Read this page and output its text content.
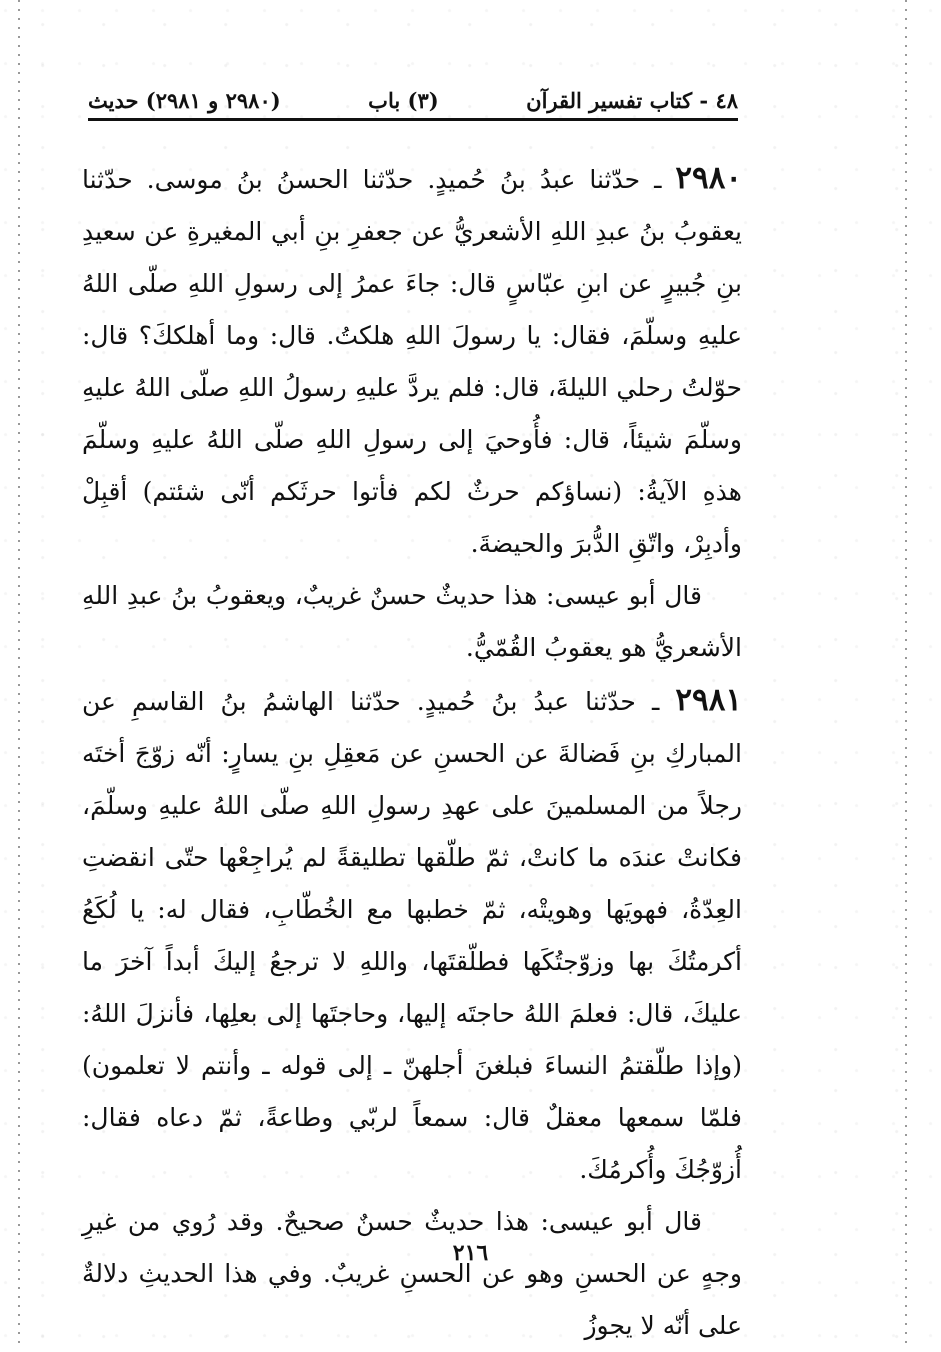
٤٨ - كتاب تفسير القرآن
(٣) باب
(٢٩٨٠ و ٢٩٨١) حديث

٢٩٨٠ ـ حدّثنا عبدُ بنُ حُميدٍ. حدّثنا الحسنُ بنُ موسى. حدّثنا يعقوبُ بنُ عبدِ اللهِ الأشعريُّ عن جعفرِ بنِ أبي المغيرةِ عن سعيدِ بنِ جُبيرٍ عن ابنِ عبّاسٍ قال: جاءَ عمرُ إلى رسولِ اللهِ صلّى اللهُ عليهِ وسلّمَ، فقال: يا رسولَ اللهِ هلكتُ. قال: وما أهلككَ؟ قال: حوّلتُ رحلي الليلةَ، قال: فلم يردَّ عليهِ رسولُ اللهِ صلّى اللهُ عليهِ وسلّمَ شيئاً، قال: فأُوحيَ إلى رسولِ اللهِ صلّى اللهُ عليهِ وسلّمَ هذهِ الآيةُ: (نساؤكم حرثٌ لكم فأتوا حرثَكم أنّى شئتم) أقبِلْ وأدبِرْ، واتّقِ الدُّبرَ والحيضةَ.

قال أبو عيسى: هذا حديثٌ حسنٌ غريبٌ، ويعقوبُ بنُ عبدِ اللهِ الأشعريُّ هو يعقوبُ القُمّيُّ.

٢٩٨١ ـ حدّثنا عبدُ بنُ حُميدٍ. حدّثنا الهاشمُ بنُ القاسمِ عن المباركِ بنِ فَضالةَ عن الحسنِ عن مَعقِلِ بنِ يسارٍ: أنّه زوّجَ أختَه رجلاً من المسلمينَ على عهدِ رسولِ اللهِ صلّى اللهُ عليهِ وسلّمَ، فكانتْ عندَه ما كانتْ، ثمّ طلّقها تطليقةً لم يُراجِعْها حتّى انقضتِ العِدّةُ، فهويَها وهويتْه، ثمّ خطبها مع الخُطّابِ، فقال له: يا لُكَعُ أكرمتُكَ بها وزوّجتُكَها فطلّقتَها، واللهِ لا ترجعُ إليكَ أبداً آخرَ ما عليكَ، قال: فعلمَ اللهُ حاجتَه إليها، وحاجتَها إلى بعلِها، فأنزلَ اللهُ: (وإذا طلّقتمُ النساءَ فبلغنَ أجلهنّ ـ إلى قوله ـ وأنتم لا تعلمون) فلمّا سمعها معقلٌ قال: سمعاً لربّي وطاعةً، ثمّ دعاه فقال: أُزوّجُكَ وأُكرمُكَ.

قال أبو عيسى: هذا حديثٌ حسنٌ صحيحٌ. وقد رُوي من غيرِ وجهٍ عن الحسنِ وهو عن الحسنِ غريبٌ. وفي هذا الحديثِ دلالةٌ على أنّه لا يجوزُ

٢١٦
